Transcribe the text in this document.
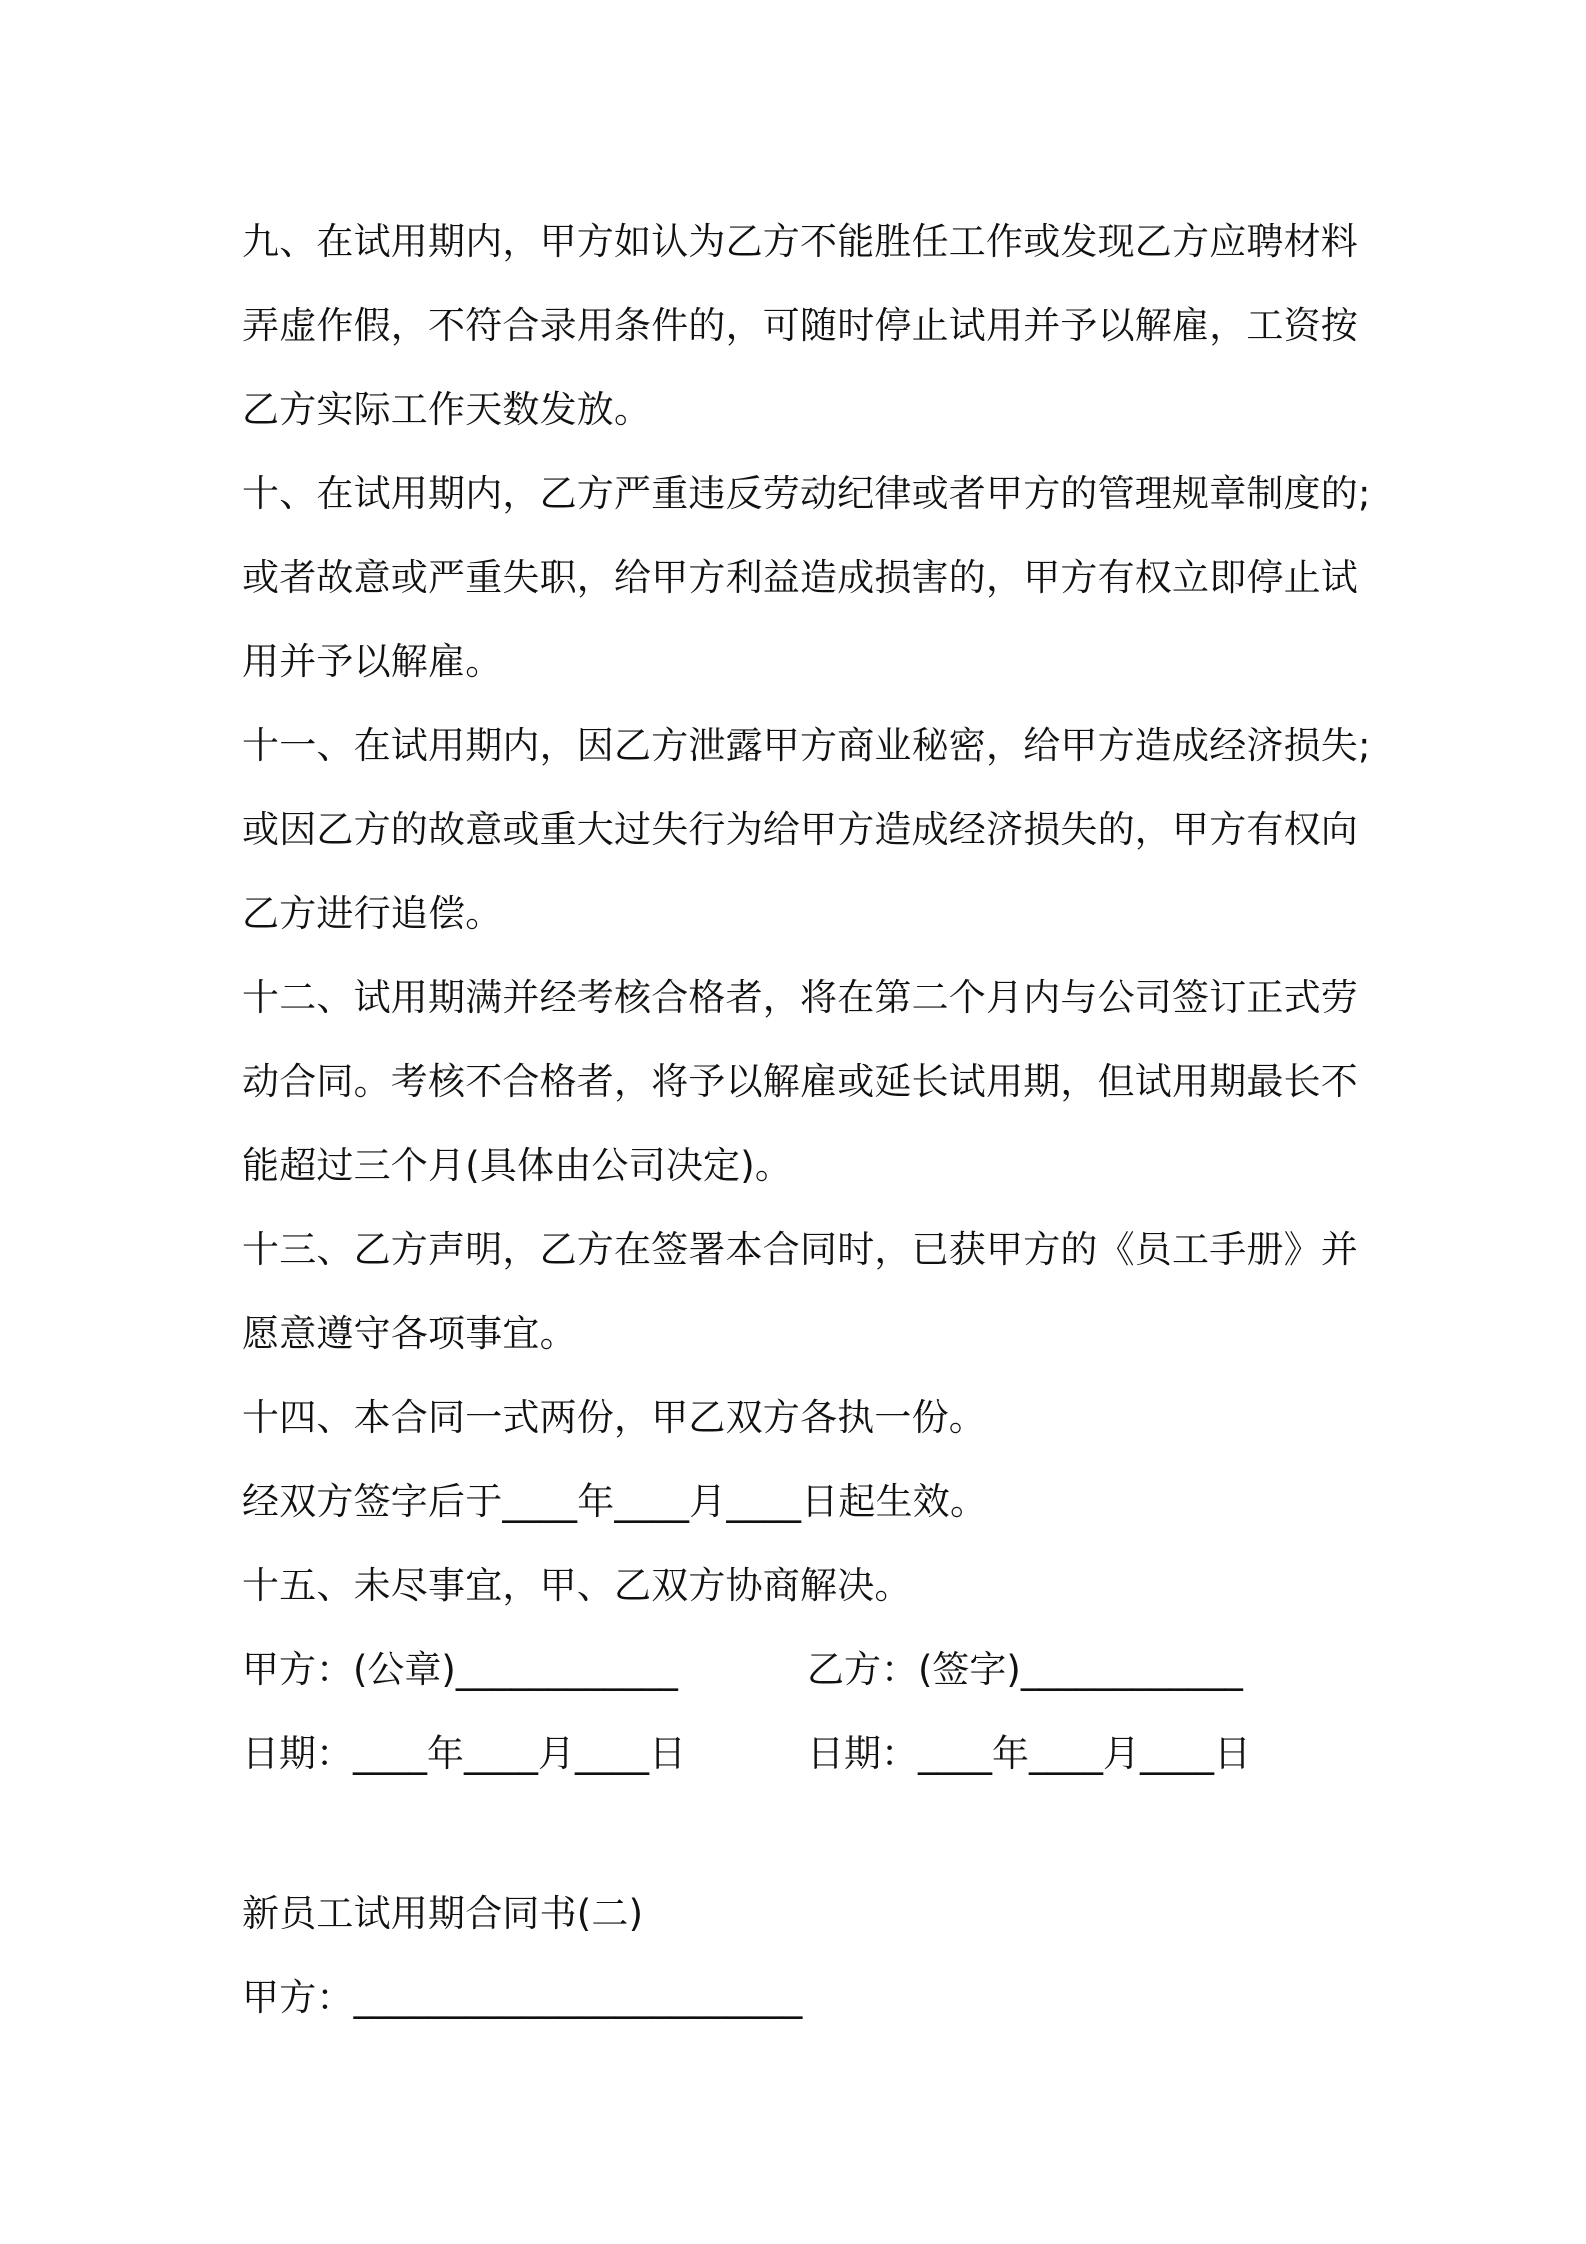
九、在试用期内，甲方如认为乙方不能胜任工作或发现乙方应聘材料
弄虚作假，不符合录用条件的，可随时停止试用并予以解雇，工资按
乙方实际工作天数发放。
十、在试用期内，乙方严重违反劳动纪律或者甲方的管理规章制度的;
或者故意或严重失职，给甲方利益造成损害的，甲方有权立即停止试
用并予以解雇。
十一、在试用期内，因乙方泄露甲方商业秘密，给甲方造成经济损失;
或因乙方的故意或重大过失行为给甲方造成经济损失的，甲方有权向
乙方进行追偿。
十二、试用期满并经考核合格者，将在第二个月内与公司签订正式劳
动合同。考核不合格者，将予以解雇或延长试用期，但试用期最长不
能超过三个月(具体由公司决定)。
十三、乙方声明，乙方在签署本合同时，已获甲方的《员工手册》并
愿意遵守各项事宜。
十四、本合同一式两份，甲乙双方各执一份。
经双方签字后于____年____月____日起生效。
十五、未尽事宜，甲、乙双方协商解决。
甲方：(公章)____________	乙方：(签字)____________
日期：____年____月____日	日期：____年____月____日
新员工试用期合同书(二)
甲方：________________________
